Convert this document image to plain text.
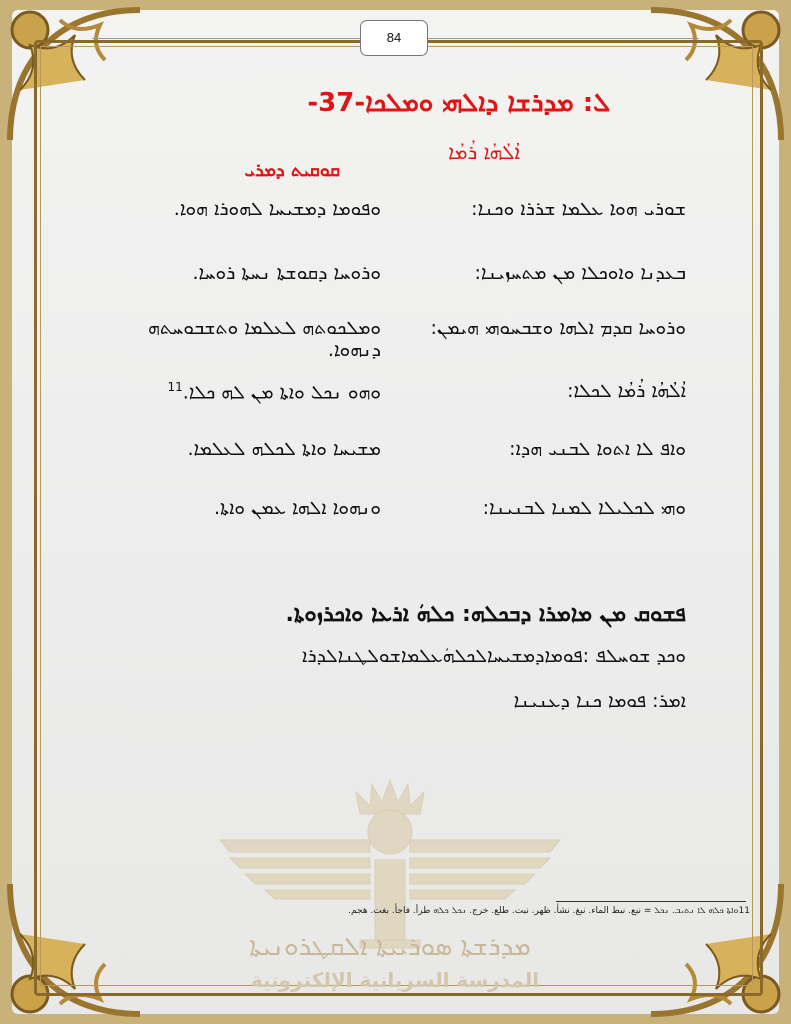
84
ܠ: ܡܕܪܫܐ ܕܐܠܗܝ ܘܡܠܟܐ-37-
ܐܳܠܳܗܳܐ ܪܳܡܳܐ
ܩܘܩܝܬ ܕܡܪܝ
ܫܘܪܝ ܗܘܐ ܥܠܡܐ ܫܪܪܐ ܘܟܢܐ:
ܘܦܘܡܐ ܕܡܫܝܚܐ ܠܗܘܪܐ ܗܘܐ.
ܒܥܕܢܐ ܘܐܘܟܠܐ ܡܢ ܡܬܚܙܝܢܐ:
ܘܪܘܚܐ ܕܩܘܫܬܐ ܢܚܬܐ ܪܘܚܐ.
ܘܪܘܚܐ ܩܕܡ ܐܠܗܐ ܘܫܒܚܘܗܝ ܗܝܡܢ:
ܘܡܠܟܘܬܗ ܠܥܠܡܐ ܘܬܫܒܘܚܬܗ ܕܢܗܘܐ.
ܐܳܠܳܗܳܐ ܪܳܡܳܐ ܠܟܠܐ:
ܘܗܘ ܢܟܠ ܘܐܬܐ ܡܢ ܠܗ ܟܠܐ.$^{11}$
ܘܐܦ ܠܐ ܐܬܘܐ ܠܒܢܝ ܗܕܐ:
ܡܫܝܚܐ ܘܐܬܐ ܠܟܠܗ ܠܥܠܡܐ.
ܘܗܝ ܠܟܠܝܠܐ ܠܡܢܐ ܠܒܢܝܢܐ:
ܘܢܗܘܐ ܐܠܗܐ ܥܡܢ ܘܐܬܐ.
ܦܫܘܩ ܡܢ ܡܐܡܪܐ ܕܒܟܠܗ: ܟܠܗܿ ܐܪܥܐ ܘܐܟܪܙܘܬܐ.
ܘܟܕ ܫܘܚܠܦ :ܦܘܡܐܕܡܫܝܚܐܠܟܠܗܿܥܠܡܐܫܘܠܛܢܐܠܕܪܐ
ܐܡܪ: ܦܘܡܐ ܟܢܐ ܕܥܢܝܢܐ
11ܘܐܬܐ ܟܠܗ ܠܐ ܢܬܝܒ. ܢܟܠ = نبع. نبط الماء. نبغ. نشأ. ظهر. نبت. طلع. خرج. ܢܟܠ ܟܠܗ طرأ. فاجأ. بغت. هجم.
ܡܕܪܫܬܐ ܣܘܪܝܝܬܐ ܐܠܩܛܪܘܢܝܬܐ
المدرسة السريانية الإلكترونية
